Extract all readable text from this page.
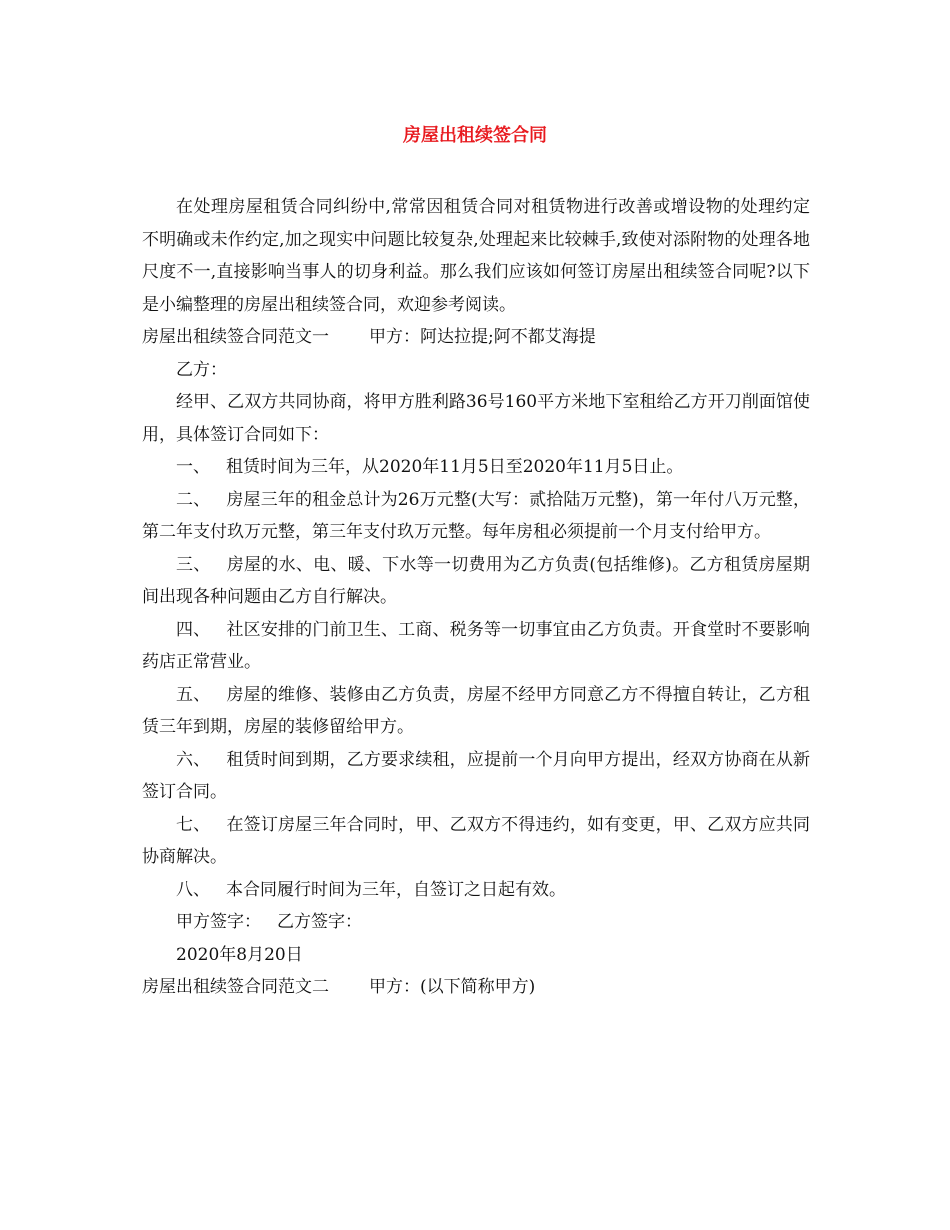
房屋出租续签合同

在处理房屋租赁合同纠纷中,常常因租赁合同对租赁物进行改善或增设物的处理约定不明确或未作约定,加之现实中问题比较复杂,处理起来比较棘手,致使对添附物的处理各地尺度不一,直接影响当事人的切身利益。那么我们应该如何签订房屋出租续签合同呢?以下是小编整理的房屋出租续签合同，欢迎参考阅读。

房屋出租续签合同范文一 甲方：阿达拉提;阿不都艾海提

乙方：

经甲、乙双方共同协商，将甲方胜利路36号160平方米地下室租给乙方开刀削面馆使用，具体签订合同如下：

一、 租赁时间为三年，从2020年11月5日至2020年11月5日止。

二、 房屋三年的租金总计为26万元整(大写：贰拾陆万元整)，第一年付八万元整，第二年支付玖万元整，第三年支付玖万元整。每年房租必须提前一个月支付给甲方。

三、 房屋的水、电、暖、下水等一切费用为乙方负责(包括维修)。乙方租赁房屋期间出现各种问题由乙方自行解决。

四、 社区安排的门前卫生、工商、税务等一切事宜由乙方负责。开食堂时不要影响药店正常营业。

五、 房屋的维修、装修由乙方负责，房屋不经甲方同意乙方不得擅自转让，乙方租赁三年到期，房屋的装修留给甲方。

六、 租赁时间到期，乙方要求续租，应提前一个月向甲方提出，经双方协商在从新签订合同。

七、 在签订房屋三年合同时，甲、乙双方不得违约，如有变更，甲、乙双方应共同协商解决。

八、 本合同履行时间为三年，自签订之日起有效。

甲方签字： 乙方签字：

2020年8月20日

房屋出租续签合同范文二 甲方：(以下简称甲方)
